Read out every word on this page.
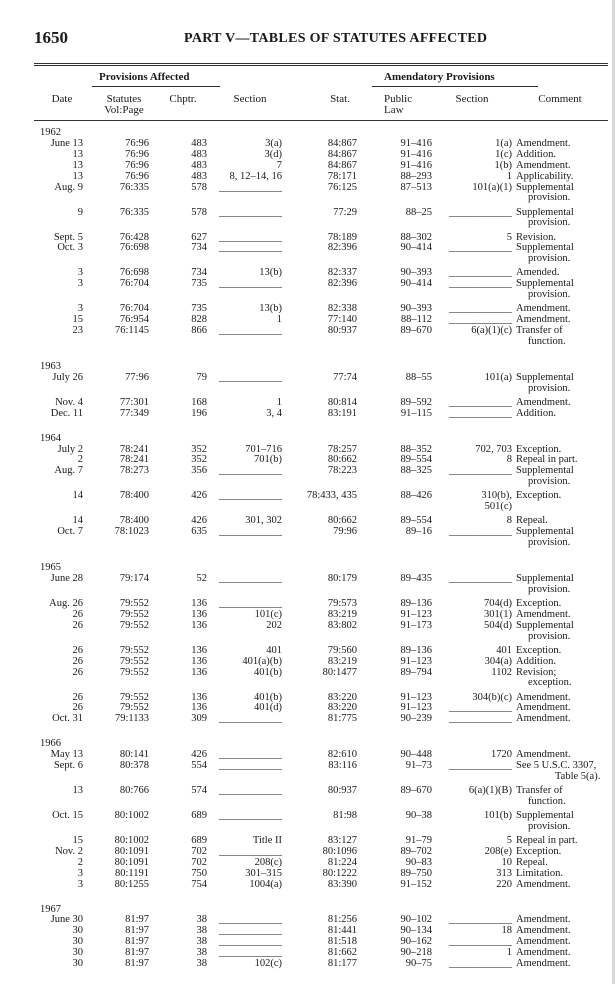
1650	PART V—TABLES OF STATUTES AFFECTED
Provisions Affected	Amendatory Provisions
Date	Statutes
Vol:Page
Chptr.	Section	Stat.	Public
Law
Section	Comment
1962
June 13	76:96	483	3(a)	84:867	91–416	1(a) Amendment.
13	76:96	483	3(d)	84:867	91–416	1(c) Addition.
13	76:96	483	7	84:867	91–416	1(b) Amendment.
13	76:96	483	8, 12–14, 16	78:171	88–293	1 Applicability.
Aug. 9	76:335	578 ____________	76:125	87–513	101(a)(1) Supplemental
provision.
9	76:335	578 ____________	77:29	88–25	____________ Supplemental
provision.
Sept. 5	76:428	627 ____________	78:189	88–302	5 Revision.
Oct. 3	76:698	734 ____________	82:396	90–414	____________ Supplemental
provision.
3	76:698	734	13(b)	82:337	90–393	____________ Amended.
3	76:704	735 ____________	82:396	90–414	____________ Supplemental
provision.
3	76:704	735	13(b)	82:338	90–393	____________ Amendment.
15	76:954	828	1	77:140	88–112	____________ Amendment.
23	76:1145	866 ____________	80:937	89–670	6(a)(1)(c) Transfer of
function.
1963
July 26	77:96	79 ____________	77:74	88–55	101(a) Supplemental
provision.
Nov. 4	77:301	168	1	80:814	89–592	____________ Amendment.
Dec. 11	77:349	196	3, 4	83:191	91–115	____________ Addition.
1964
July 2	78:241	352	701–716	78:257	88–352	702, 703 Exception.
2	78:241	352	701(b)	80:662	89–554	8 Repeal in part.
Aug. 7	78:273	356 ____________	78:223	88–325	____________ Supplemental
provision.
14	78:400	426 ____________	78:433, 435	88–426	310(b), Exception.
501(c)
14	78:400	426	301, 302	80:662	89–554	8 Repeal.
Oct. 7	78:1023	635 ____________	79:96	89–16	____________ Supplemental
provision.
1965
June 28	79:174	52 ____________	80:179	89–435	____________ Supplemental
provision.
Aug. 26	79:552	136 ____________	79:573	89–136	704(d) Exception.
26	79:552	136	101(c)	83:219	91–123	301(1) Amendment.
26	79:552	136	202	83:802	91–173	504(d) Supplemental
provision.
26	79:552	136	401	79:560	89–136	401 Exception.
26	79:552	136	401(a)(b)	83:219	91–123	304(a) Addition.
26	79:552	136	401(b)	80:1477	89–794	1102 Revision;
exception.
26	79:552	136	401(b)	83:220	91–123	304(b)(c) Amendment.
26	79:552	136	401(d)	83:220	91–123	____________ Amendment.
Oct. 31	79:1133	309 ____________	81:775	90–239	____________ Amendment.
1966
May 13	80:141	426 ____________	82:610	90–448	1720 Amendment.
Sept. 6	80:378	554 ____________	83:116	91–73	____________ See 5 U.S.C. 3307,
Table 5(a).
13	80:766	574 ____________	80:937	89–670	6(a)(1)(B) Transfer of
function.
Oct. 15	80:1002	689 ____________	81:98	90–38	101(b) Supplemental
provision.
15	80:1002	689	Title II	83:127	91–79	5 Repeal in part.
Nov. 2	80:1091	702 ____________	80:1096	89–702	208(e) Exception.
2	80:1091	702	208(c)	81:224	90–83	10 Repeal.
3	80:1191	750	301–315	80:1222	89–750	313 Limitation.
3	80:1255	754	1004(a)	83:390	91–152	220 Amendment.
1967
June 30	81:97	38 ____________	81:256	90–102	____________ Amendment.
30	81:97	38 ____________	81:441	90–134	18 Amendment.
30	81:97	38 ____________	81:518	90–162	____________ Amendment.
30	81:97	38 ____________	81:662	90–218	1 Amendment.
30	81:97	38	102(c)	81:177	90–75	____________ Amendment.
